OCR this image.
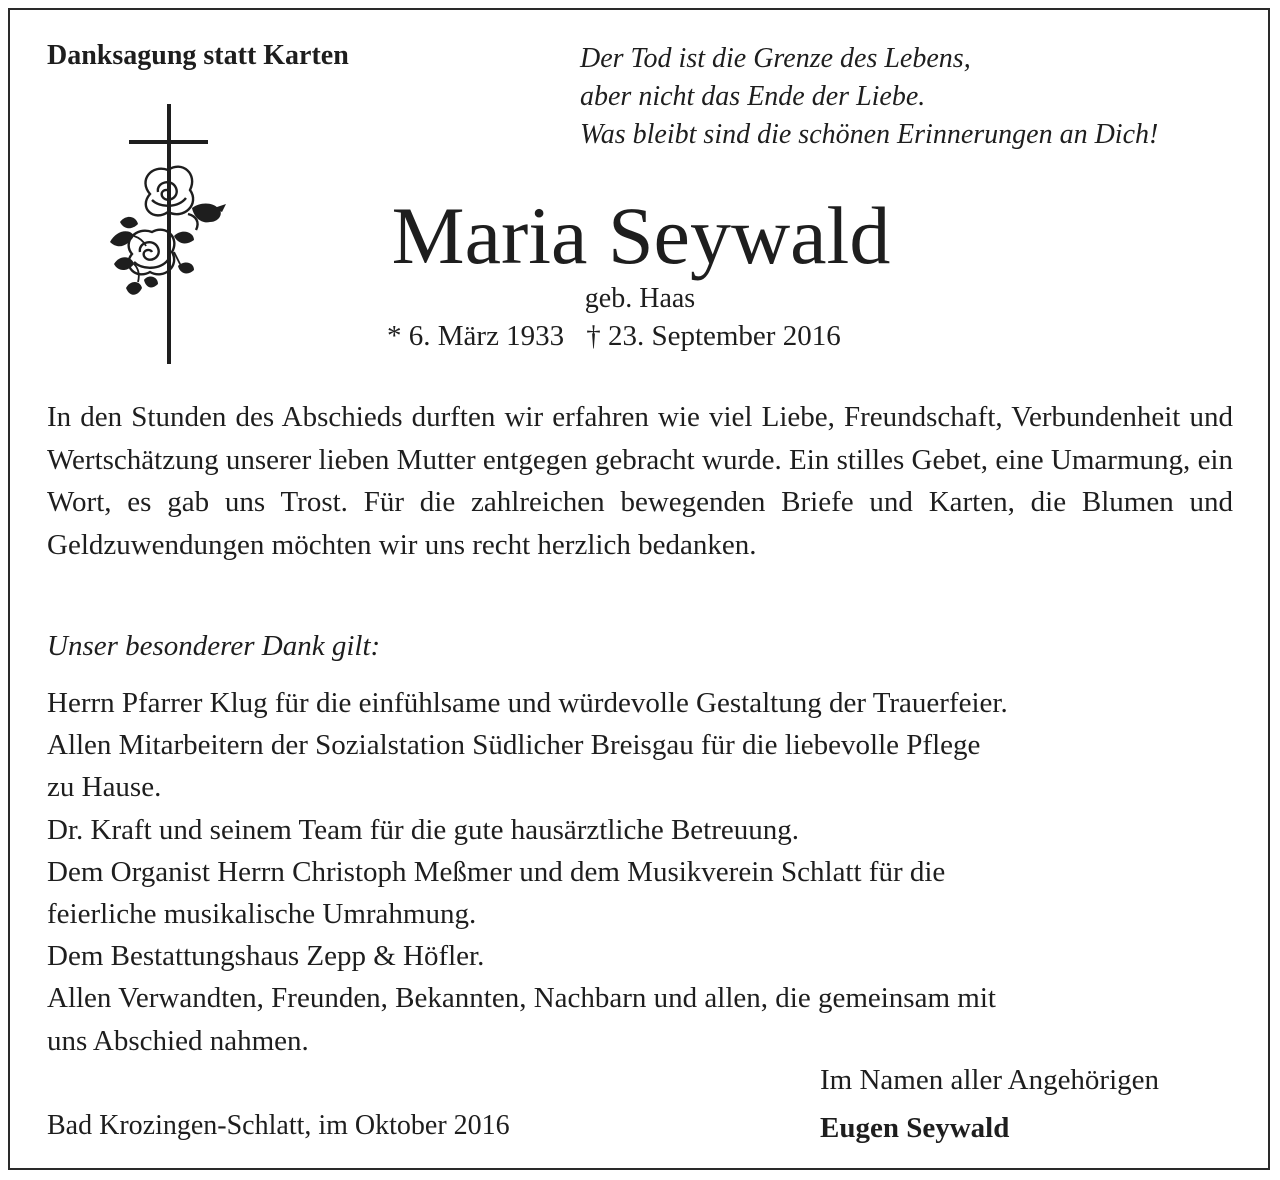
Danksagung statt Karten	Der Tod ist die Grenze des Lebens,
aber nicht das Ende der Liebe.
Was bleibt sind die schönen Erinnerungen an Dich!
Maria Seywald
geb. Haas
* 6. März 1933 † 23. September 2016
In den Stunden des Abschieds durften wir erfahren wie viel Liebe, Freundschaft, Verbundenheit und Wertschätzung unserer lieben Mutter entgegen gebracht wurde. Ein stilles Gebet, eine Umarmung, ein Wort, es gab uns Trost. Für die zahlreichen bewegenden Briefe und Karten, die Blumen und Geldzuwendungen möchten wir uns recht herzlich bedanken.
Unser besonderer Dank gilt:
Herrn Pfarrer Klug für die einfühlsame und würdevolle Gestaltung der Trauerfeier.
Allen Mitarbeitern der Sozialstation Südlicher Breisgau für die liebevolle Pflege
zu Hause.
Dr. Kraft und seinem Team für die gute hausärztliche Betreuung.
Dem Organist Herrn Christoph Meßmer und dem Musikverein Schlatt für die
feierliche musikalische Umrahmung.
Dem Bestattungshaus Zepp & Höfler.
Allen Verwandten, Freunden, Bekannten, Nachbarn und allen, die gemeinsam mit
uns Abschied nahmen.
Bad Krozingen-Schlatt, im Oktober 2016
Im Namen aller Angehörigen
Eugen Seywald
